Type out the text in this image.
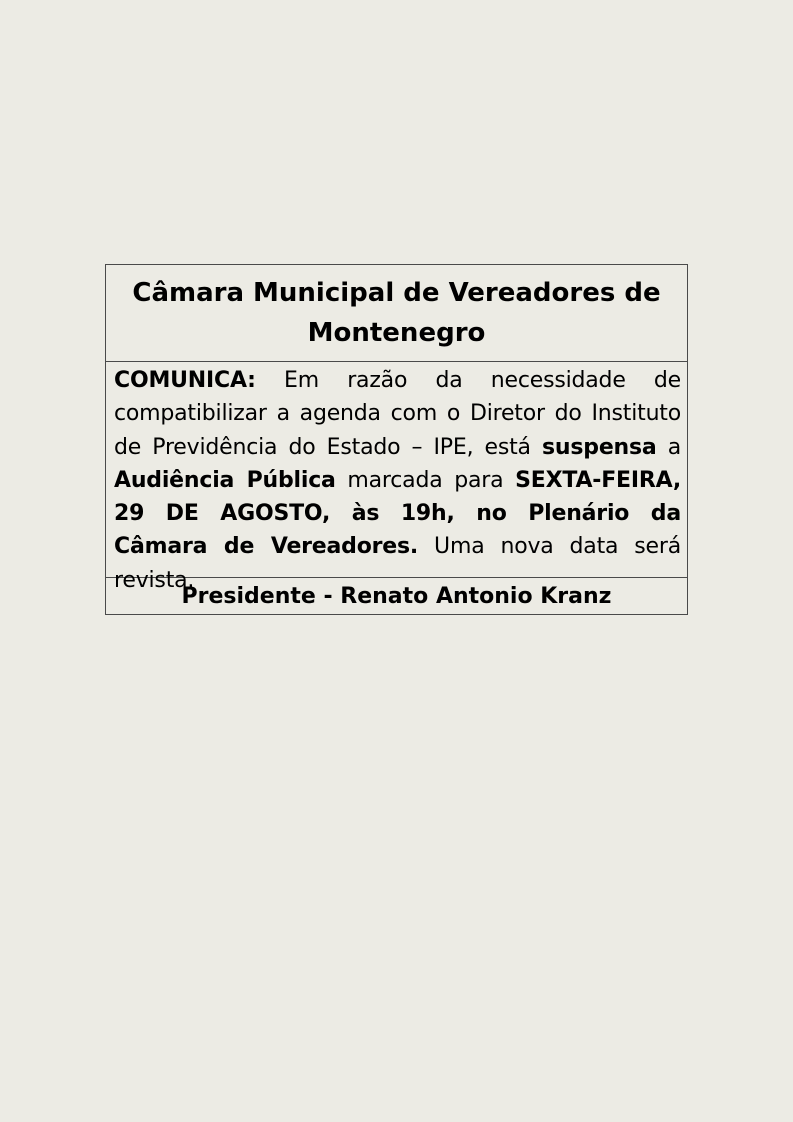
Câmara Municipal de Vereadores de Montenegro
COMUNICA: Em razão da necessidade de compatibilizar a agenda com o Diretor do Instituto de Previdência do Estado – IPE, está suspensa a Audiência Pública marcada para SEXTA-FEIRA, 29 DE AGOSTO, às 19h, no Plenário da Câmara de Vereadores. Uma nova data será revista.
Presidente - Renato Antonio Kranz
